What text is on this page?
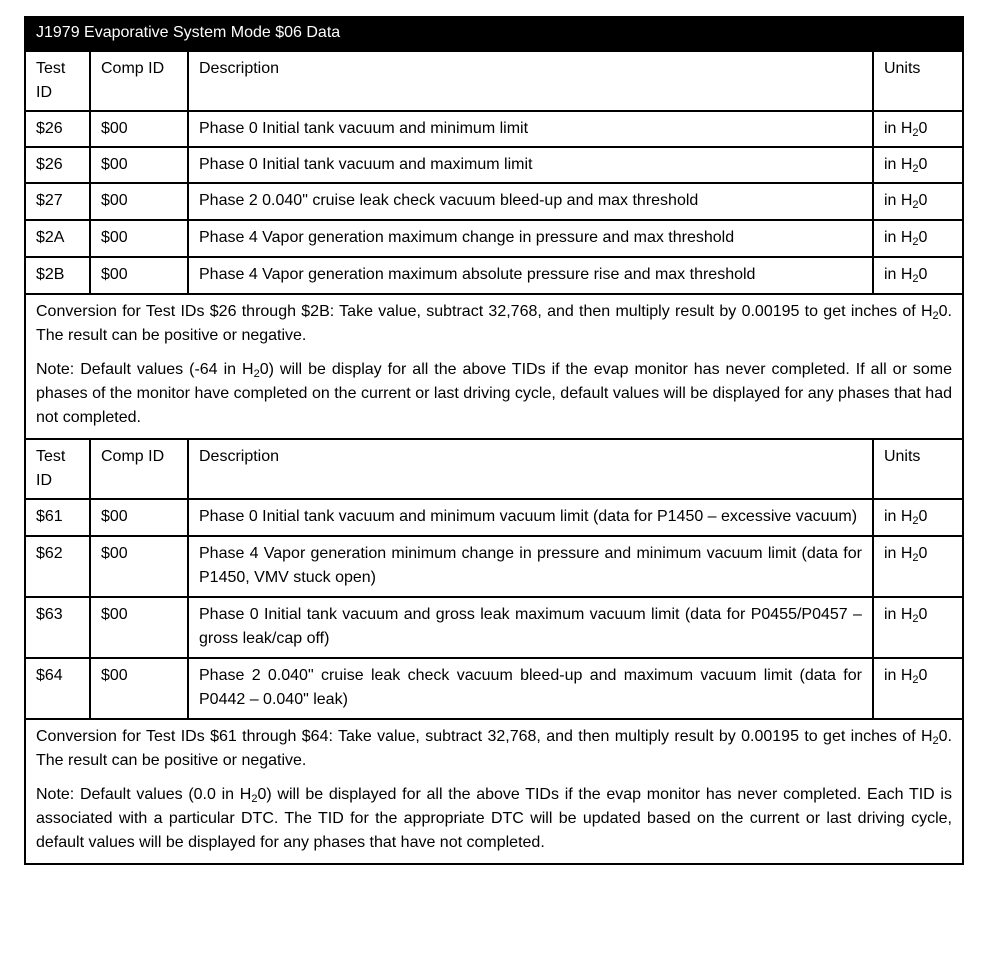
J1979 Evaporative System Mode $06 Data			
Test ID	Comp ID	Description	Units
$26	$00	Phase 0 Initial tank vacuum and minimum limit	in $H_20$
$26	$00	Phase 0 Initial tank vacuum and maximum limit	in $H_20$
$27	$00	Phase 2 0.040" cruise leak check vacuum bleed-up and max threshold	in $H_20$
$2A	$00	Phase 4 Vapor generation maximum change in pressure and max threshold	in $H_20$
$2B	$00	Phase 4 Vapor generation maximum absolute pressure rise and max threshold	in $H_20$

Conversion for Test IDs $26 through $2B: Take value, subtract 32,768, and then multiply result by 0.00195 to get inches of $H_20$. The result can be positive or negative.

Note: Default values (-64 in $H_20$) will be display for all the above TIDs if the evap monitor has never completed. If all or some phases of the monitor have completed on the current or last driving cycle, default values will be displayed for any phases that had not completed.			

Test ID	Comp ID	Description	Units
$61	$00	Phase 0 Initial tank vacuum and minimum vacuum limit (data for P1450 – excessive vacuum)	in $H_20$
$62	$00	Phase 4 Vapor generation minimum change in pressure and minimum vacuum limit (data for P1450, VMV stuck open)	in $H_20$
$63	$00	Phase 0 Initial tank vacuum and gross leak maximum vacuum limit (data for P0455/P0457 – gross leak/cap off)	in $H_20$
$64	$00	Phase 2 0.040" cruise leak check vacuum bleed-up and maximum vacuum limit (data for P0442 – 0.040" leak)	in $H_20$

Conversion for Test IDs $61 through $64: Take value, subtract 32,768, and then multiply result by 0.00195 to get inches of $H_20$. The result can be positive or negative.

Note: Default values (0.0 in $H_20$) will be displayed for all the above TIDs if the evap monitor has never completed. Each TID is associated with a particular DTC. The TID for the appropriate DTC will be updated based on the current or last driving cycle, default values will be displayed for any phases that have not completed.			
